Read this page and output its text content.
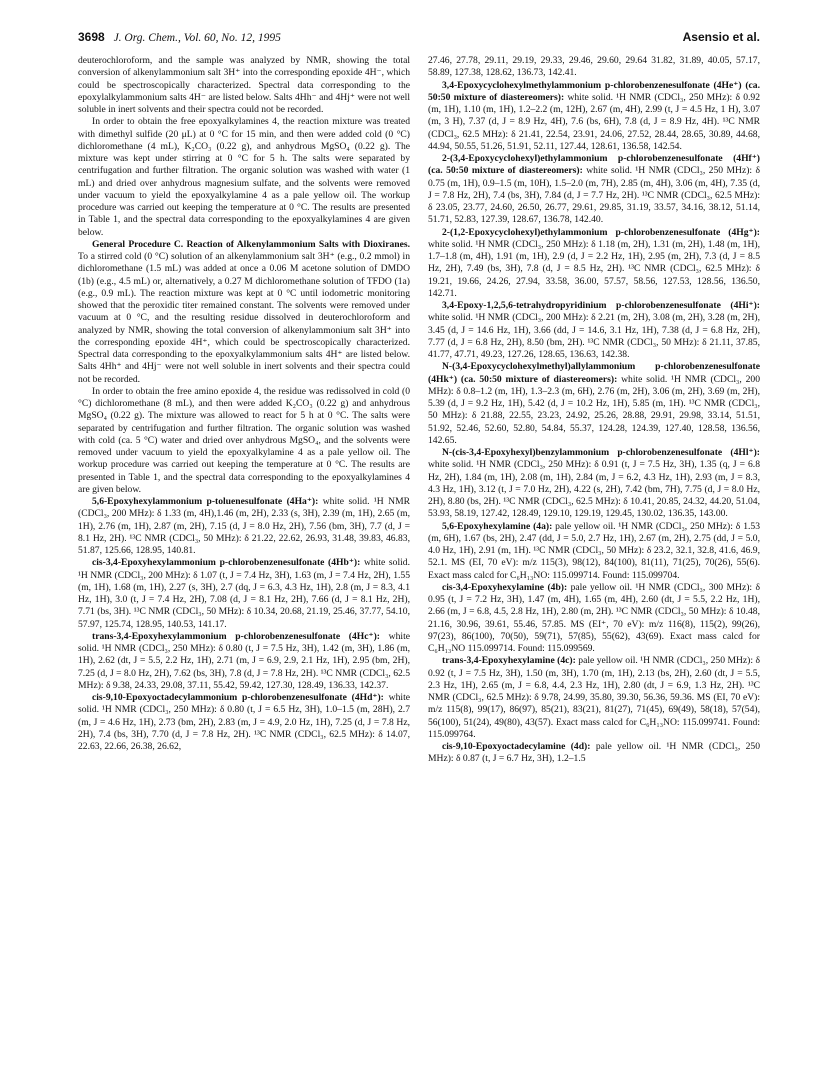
3698 J. Org. Chem., Vol. 60, No. 12, 1995	Asensio et al.

deuterochloroform, and the sample was analyzed by NMR, showing the total conversion of alkenylammonium salt 3H⁺ into the corresponding epoxide 4H⁻, which could be spectroscopically characterized. Spectral data corresponding to the epoxylalkylammonium salts 4H⁻ are listed below. Salts 4Hh⁻ and 4Hj⁺ were not well soluble in inert solvents and their spectra could not be recorded.

In order to obtain the free epoxyalkylamines 4, the reaction mixture was treated with dimethyl sulfide (20 μL) at 0 °C for 15 min, and then were added cold (0 °C) dichloromethane (4 mL), K₂CO₃ (0.22 g), and anhydrous MgSO₄ (0.22 g). The mixture was kept under stirring at 0 °C for 5 h. The salts were separated by centrifugation and further filtration. The organic solution was washed with water (1 mL) and dried over anhydrous magnesium sulfate, and the solvents were removed under vacuum to yield the epoxyalkylamine 4 as a pale yellow oil. The workup procedure was carried out keeping the temperature at 0 °C. The results are presented in Table 1, and the spectral data corresponding to the epoxyalkylamines 4 are given below.

General Procedure C. Reaction of Alkenylammonium Salts with Dioxiranes. To a stirred cold (0 °C) solution of an alkenylammonium salt 3H⁺ (e.g., 0.2 mmol) in dichloromethane (1.5 mL) was added at once a 0.06 M acetone solution of DMDO (1b) (e.g., 4.5 mL) or, alternatively, a 0.27 M dichloromethane solution of TFDO (1a) (e.g., 0.9 mL). The reaction mixture was kept at 0 °C until iodometric monitoring showed that the peroxidic titer remained constant. The solvents were removed under vacuum at 0 °C, and the resulting residue dissolved in deuterochloroform and analyzed by NMR, showing the total conversion of alkenylammonium salt 3H⁺ into the corresponding epoxide 4H⁺, which could be spectroscopically characterized. Spectral data corresponding to the epoxyalkylammonium salts 4H⁺ are listed below. Salts 4Hh⁺ and 4Hj⁻ were not well soluble in inert solvents and their spectra could not be recorded.

In order to obtain the free amino epoxide 4, the residue was redissolved in cold (0 °C) dichloromethane (8 mL), and then were added K₂CO₃ (0.22 g) and anhydrous MgSO₄ (0.22 g). The mixture was allowed to react for 5 h at 0 °C. The salts were separated by centrifugation and further filtration. The organic solution was washed with cold (ca. 5 °C) water and dried over anhydrous MgSO₄, and the solvents were removed under vacuum to yield the epoxyalkylamine 4 as a pale yellow oil. The workup procedure was carried out keeping the temperature at 0 °C. The results are presented in Table 1, and the spectral data corresponding to the epoxyalkylamines 4 are given below.

5,6-Epoxyhexylammonium p-toluenesulfonate (4Ha⁺): white solid. ¹H NMR (CDCl₃, 200 MHz): δ 1.33 (m, 4H),1.46 (m, 2H), 2.33 (s, 3H), 2.39 (m, 1H), 2.65 (m, 1H), 2.76 (m, 1H), 2.87 (m, 2H), 7.15 (d, J = 8.0 Hz, 2H), 7.56 (bm, 3H), 7.7 (d, J = 8.1 Hz, 2H). ¹³C NMR (CDCl₃, 50 MHz): δ 21.22, 22.62, 26.93, 31.48, 39.83, 46.83, 51.87, 125.66, 128.95, 140.81.

cis-3,4-Epoxyhexylammonium p-chlorobenzenesulfonate (4Hb⁺): white solid. ¹H NMR (CDCl₃, 200 MHz): δ 1.07 (t, J = 7.4 Hz, 3H), 1.63 (m, J = 7.4 Hz, 2H), 1.55 (m, 1H), 1.68 (m, 1H), 2.27 (s, 3H), 2.7 (dq, J = 6.3, 4.3 Hz, 1H), 2.8 (m, J = 8.3, 4.1 Hz, 1H), 3.0 (t, J = 7.4 Hz, 2H), 7.08 (d, J = 8.1 Hz, 2H), 7.66 (d, J = 8.1 Hz, 2H), 7.71 (bs, 3H). ¹³C NMR (CDCl₃, 50 MHz): δ 10.34, 20.68, 21.19, 25.46, 37.77, 54.10, 57.97, 125.74, 128.95, 140.53, 141.17.

trans-3,4-Epoxyhexylammonium p-chlorobenzenesulfonate (4Hc⁺): white solid. ¹H NMR (CDCl₃, 250 MHz): δ 0.80 (t, J = 7.5 Hz, 3H), 1.42 (m, 3H), 1.86 (m, 1H), 2.62 (dt, J = 5.5, 2.2 Hz, 1H), 2.71 (m, J = 6.9, 2.9, 2.1 Hz, 1H), 2.95 (bm, 2H), 7.25 (d, J = 8.0 Hz, 2H), 7.62 (bs, 3H), 7.8 (d, J = 7.8 Hz, 2H). ¹³C NMR (CDCl₃, 62.5 MHz): δ 9.38, 24.33, 29.08, 37.11, 55.42, 59.42, 127.30, 128.49, 136.33, 142.37.

cis-9,10-Epoxyoctadecylammonium p-chlorobenzenesulfonate (4Hd⁺): white solid. ¹H NMR (CDCl₃, 250 MHz): δ 0.80 (t, J = 6.5 Hz, 3H), 1.0–1.5 (m, 28H), 2.7 (m, J = 4.6 Hz, 1H), 2.73 (bm, 2H), 2.83 (m, J = 4.9, 2.0 Hz, 1H), 7.25 (d, J = 7.8 Hz, 2H), 7.4 (bs, 3H), 7.70 (d, J = 7.8 Hz, 2H). ¹³C NMR (CDCl₃, 62.5 MHz): δ 14.07, 22.63, 22.66, 26.38, 26.62,

27.46, 27.78, 29.11, 29.19, 29.33, 29.46, 29.60, 29.64 31.82, 31.89, 40.05, 57.17, 58.89, 127.38, 128.62, 136.73, 142.41.

3,4-Epoxycyclohexylmethylammonium p-chlorobenzenesulfonate (4He⁺) (ca. 50:50 mixture of diastereomers): white solid. ¹H NMR (CDCl₃, 250 MHz): δ 0.92 (m, 1H), 1.10 (m, 1H), 1.2–2.2 (m, 12H), 2.67 (m, 4H), 2.99 (t, J = 4.5 Hz, 1 H), 3.07 (m, 3 H), 7.37 (d, J = 8.9 Hz, 4H), 7.6 (bs, 6H), 7.8 (d, J = 8.9 Hz, 4H). ¹³C NMR (CDCl₃, 62.5 MHz): δ 21.41, 22.54, 23.91, 24.06, 27.52, 28.44, 28.65, 30.89, 44.68, 44.94, 50.55, 51.26, 51.91, 52.11, 127.44, 128.61, 136.58, 142.54.

2-(3,4-Epoxycyclohexyl)ethylammonium p-chlorobenzenesulfonate (4Hf⁺) (ca. 50:50 mixture of diastereomers): white solid. ¹H NMR (CDCl₃, 250 MHz): δ 0.75 (m, 1H), 0.9–1.5 (m, 10H), 1.5–2.0 (m, 7H), 2.85 (m, 4H), 3.06 (m, 4H), 7.35 (d, J = 7.8 Hz, 2H), 7.4 (bs, 3H), 7.84 (d, J = 7.7 Hz, 2H). ¹³C NMR (CDCl₃, 62.5 MHz): δ 23.05, 23.77, 24.60, 26.50, 26.77, 29.61, 29.85, 31.19, 33.57, 34.16, 38.12, 51.14, 51.71, 52.83, 127.39, 128.67, 136.78, 142.40.

2-(1,2-Epoxycyclohexyl)ethylammonium p-chlorobenzenesulfonate (4Hg⁺): white solid. ¹H NMR (CDCl₃, 250 MHz): δ 1.18 (m, 2H), 1.31 (m, 2H), 1.48 (m, 1H), 1.7–1.8 (m, 4H), 1.91 (m, 1H), 2.9 (d, J = 2.2 Hz, 1H), 2.95 (m, 2H), 7.3 (d, J = 8.5 Hz, 2H), 7.49 (bs, 3H), 7.8 (d, J = 8.5 Hz, 2H). ¹³C NMR (CDCl₃, 62.5 MHz): δ 19.21, 19.66, 24.26, 27.94, 33.58, 36.00, 57.57, 58.56, 127.53, 128.56, 136.50, 142.71.

3,4-Epoxy-1,2,5,6-tetrahydropyridinium p-chlorobenzenesulfonate (4Hi⁺): white solid. ¹H NMR (CDCl₃, 200 MHz): δ 2.21 (m, 2H), 3.08 (m, 2H), 3.28 (m, 2H), 3.45 (d, J = 14.6 Hz, 1H), 3.66 (dd, J = 14.6, 3.1 Hz, 1H), 7.38 (d, J = 6.8 Hz, 2H), 7.77 (d, J = 6.8 Hz, 2H), 8.50 (bm, 2H). ¹³C NMR (CDCl₃, 50 MHz): δ 21.11, 37.85, 41.77, 47.71, 49.23, 127.26, 128.65, 136.63, 142.38.

N-(3,4-Epoxycyclohexylmethyl)allylammonium p-chlorobenzenesulfonate (4Hk⁺) (ca. 50:50 mixture of diastereomers): white solid. ¹H NMR (CDCl₃, 200 MHz): δ 0.8–1.2 (m, 1H), 1.3–2.3 (m, 6H), 2.76 (m, 2H), 3.06 (m, 2H), 3.69 (m, 2H), 5.39 (d, J = 9.2 Hz, 1H), 5.42 (d, J = 10.2 Hz, 1H), 5.85 (m, 1H). ¹³C NMR (CDCl₃, 50 MHz): δ 21.88, 22.55, 23.23, 24.92, 25.26, 28.88, 29.91, 29.98, 33.14, 51.51, 51.92, 52.46, 52.60, 52.80, 54.84, 55.37, 124.28, 124.39, 127.40, 128.58, 136.56, 142.65.

N-(cis-3,4-Epoxyhexyl)benzylammonium p-chlorobenzenesulfonate (4Hl⁺): white solid. ¹H NMR (CDCl₃, 250 MHz): δ 0.91 (t, J = 7.5 Hz, 3H), 1.35 (q, J = 6.8 Hz, 2H), 1.84 (m, 1H), 2.08 (m, 1H), 2.84 (m, J = 6.2, 4.3 Hz, 1H), 2.93 (m, J = 8.3, 4.3 Hz, 1H), 3.12 (t, J = 7.0 Hz, 2H), 4.22 (s, 2H), 7.42 (bm, 7H), 7.75 (d, J = 8.0 Hz, 2H), 8.80 (bs, 2H). ¹³C NMR (CDCl₃, 62.5 MHz): δ 10.41, 20.85, 24.32, 44.20, 51.04, 53.93, 58.19, 127.42, 128.49, 129.10, 129.19, 129.45, 130.02, 136.35, 143.00.

5,6-Epoxyhexylamine (4a): pale yellow oil. ¹H NMR (CDCl₃, 250 MHz): δ 1.53 (m, 6H), 1.67 (bs, 2H), 2.47 (dd, J = 5.0, 2.7 Hz, 1H), 2.67 (m, 2H), 2.75 (dd, J = 5.0, 4.0 Hz, 1H), 2.91 (m, 1H). ¹³C NMR (CDCl₃, 50 MHz): δ 23.2, 32.1, 32.8, 41.6, 46.9, 52.1. MS (EI, 70 eV): m/z 115(3), 98(12), 84(100), 81(11), 71(25), 70(26), 55(6). Exact mass calcd for C₆H₁₃NO: 115.099714. Found: 115.099704.

cis-3,4-Epoxyhexylamine (4b): pale yellow oil. ¹H NMR (CDCl₃, 300 MHz): δ 0.95 (t, J = 7.2 Hz, 3H), 1.47 (m, 4H), 1.65 (m, 4H), 2.60 (dt, J = 5.5, 2.2 Hz, 1H), 2.66 (m, J = 6.8, 4.5, 2.8 Hz, 1H), 2.80 (m, 2H). ¹³C NMR (CDCl₃, 50 MHz): δ 10.48, 21.16, 30.96, 39.61, 55.46, 57.85. MS (EI⁺, 70 eV): m/z 116(8), 115(2), 99(26), 97(23), 86(100), 70(50), 59(71), 57(85), 55(62), 43(69). Exact mass calcd for C₆H₁₃NO 115.099714. Found: 115.099569.

trans-3,4-Epoxyhexylamine (4c): pale yellow oil. ¹H NMR (CDCl₃, 250 MHz): δ 0.92 (t, J = 7.5 Hz, 3H), 1.50 (m, 3H), 1.70 (m, 1H), 2.13 (bs, 2H), 2.60 (dt, J = 5.5, 2.3 Hz, 1H), 2.65 (m, J = 6.8, 4.4, 2.3 Hz, 1H), 2.80 (dt, J = 6.9, 1.3 Hz, 2H). ¹³C NMR (CDCl₃, 62.5 MHz): δ 9.78, 24.99, 35.80, 39.30, 56.36, 59.36. MS (EI, 70 eV): m/z 115(8), 99(17), 86(97), 85(21), 83(21), 81(27), 71(45), 69(49), 58(18), 57(54), 56(100), 51(24), 49(80), 43(57). Exact mass calcd for C₆H₁₃NO: 115.099741. Found: 115.099764.

cis-9,10-Epoxyoctadecylamine (4d): pale yellow oil. ¹H NMR (CDCl₃, 250 MHz): δ 0.87 (t, J = 6.7 Hz, 3H), 1.2–1.5
